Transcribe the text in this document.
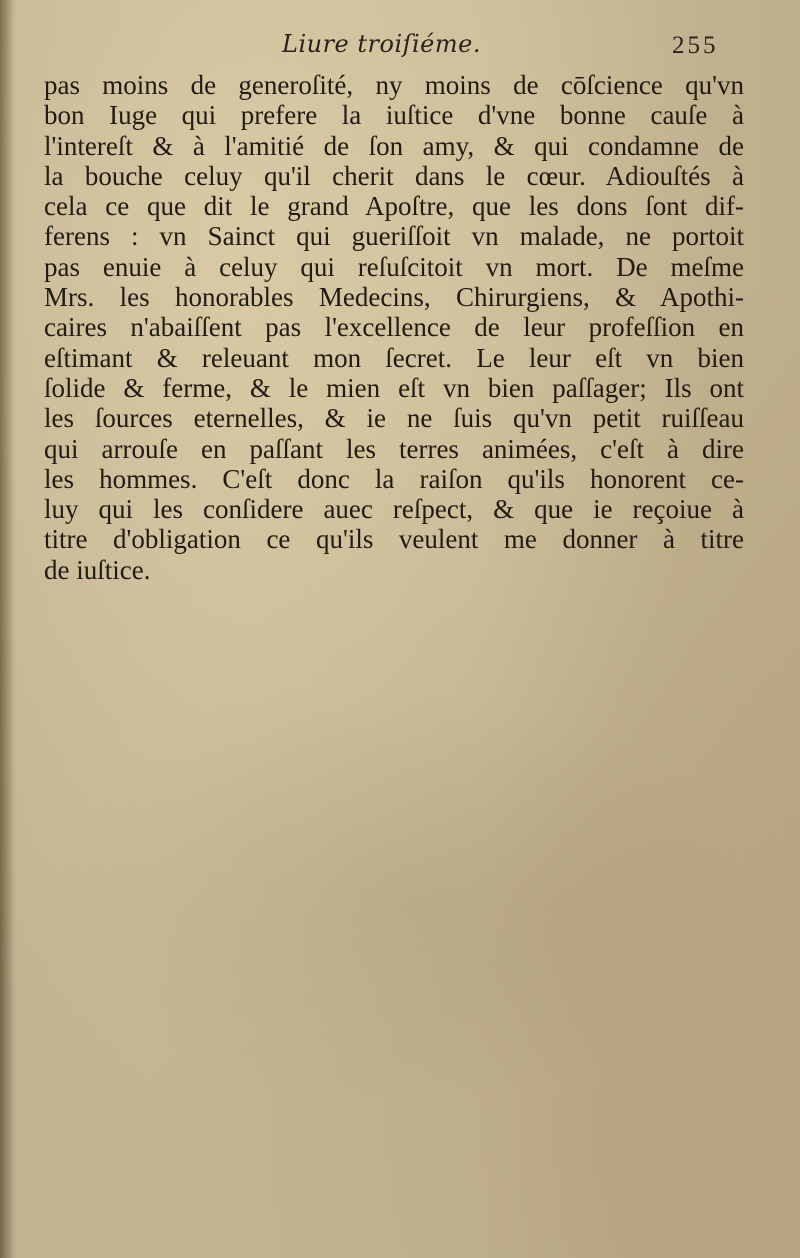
Liure troiſiéme.	255
pas moins de generoſité, ny moins de cōſcience qu'vn
bon Iuge qui prefere la iuſtice d'vne bonne cauſe à
l'intereſt & à l'amitié de ſon amy, & qui condamne de
la bouche celuy qu'il cherit dans le cœur. Adiouſtés à
cela ce que dit le grand Apoſtre, que les dons ſont dif-
ferens : vn Sainct qui gueriſſoit vn malade, ne portoit
pas enuie à celuy qui reſuſcitoit vn mort. De meſme
Mrs. les honorables Medecins, Chirurgiens, & Apothi-
caires n'abaiſſent pas l'excellence de leur profeſſion en
eſtimant & releuant mon ſecret. Le leur eſt vn bien
ſolide & ferme, & le mien eſt vn bien paſſager; Ils ont
les ſources eternelles, & ie ne ſuis qu'vn petit ruiſſeau
qui arrouſe en paſſant les terres animées, c'eſt à dire
les hommes. C'eſt donc la raiſon qu'ils honorent ce-
luy qui les conſidere auec reſpect, & que ie reçoiue à
titre d'obligation ce qu'ils veulent me donner à titre
de iuſtice.
